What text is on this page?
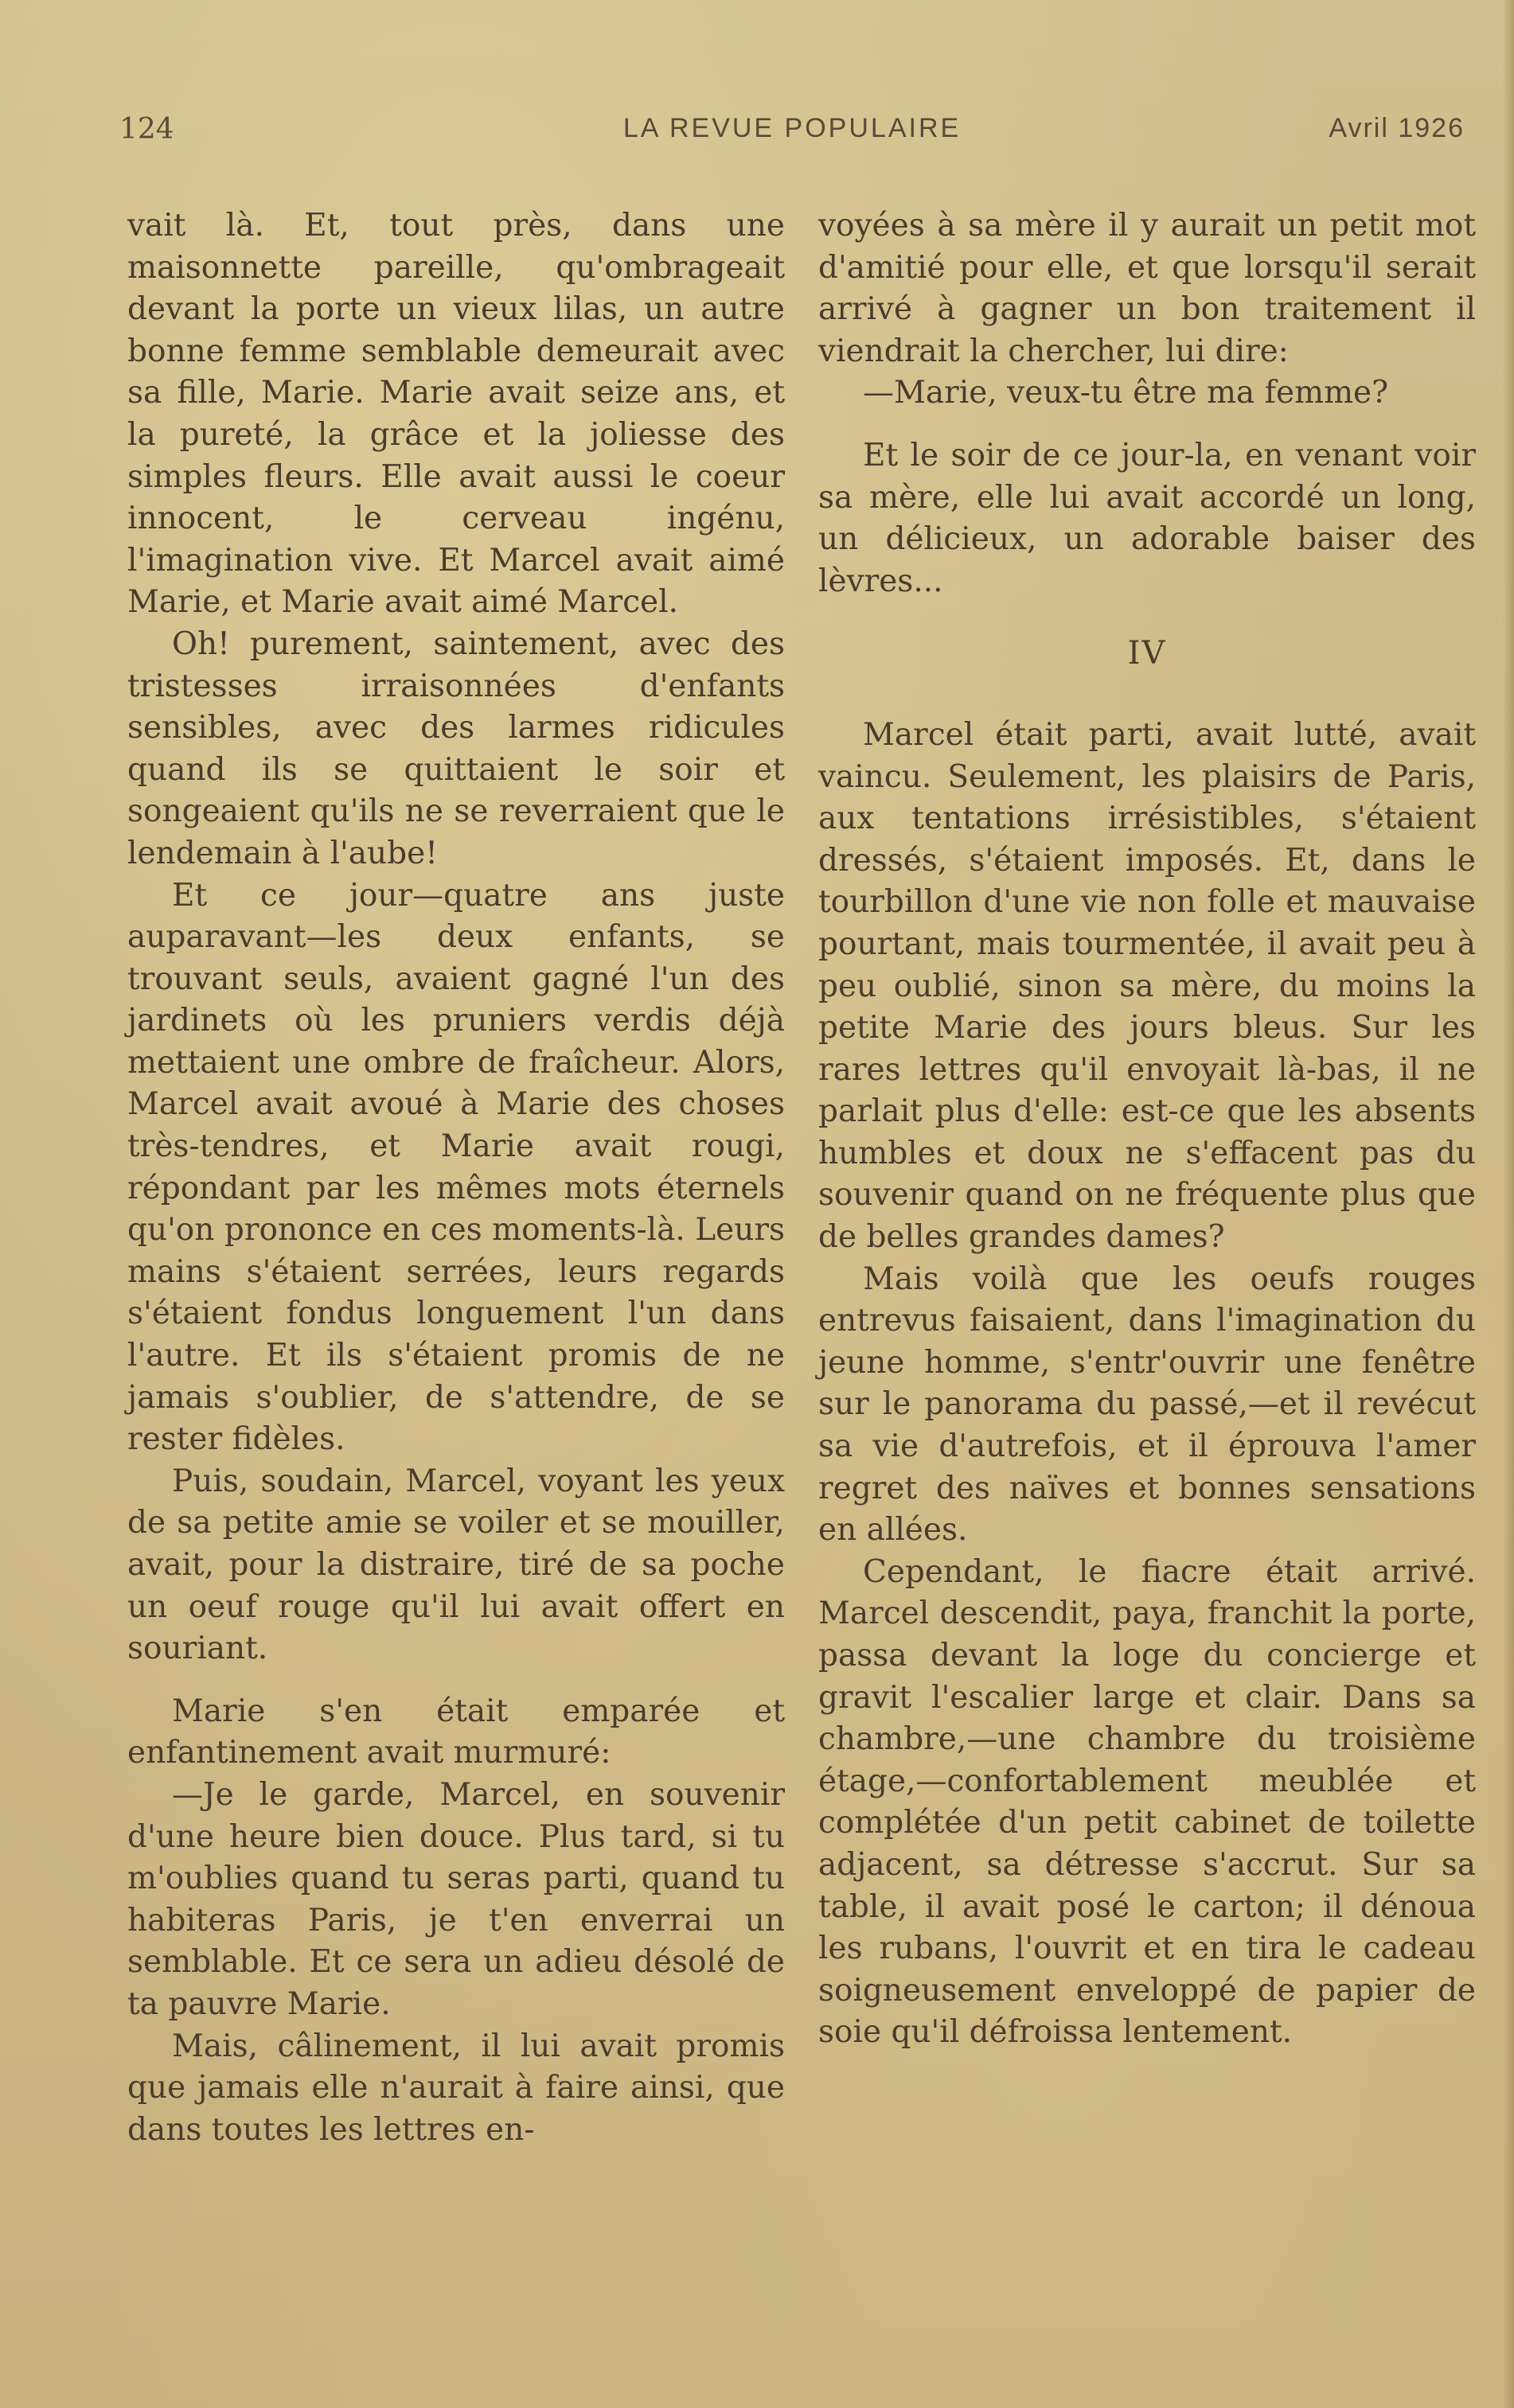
124	LA REVUE POPULAIRE	Avril 1926

vait là. Et, tout près, dans une maisonnette pareille, qu'ombrageait devant la porte un vieux lilas, un autre bonne femme semblable demeurait avec sa fille, Marie. Marie avait seize ans, et la pureté, la grâce et la joliesse des simples fleurs. Elle avait aussi le coeur innocent, le cerveau ingénu, l'imagination vive. Et Marcel avait aimé Marie, et Marie avait aimé Marcel.

Oh! purement, saintement, avec des tristesses irraisonnées d'enfants sensibles, avec des larmes ridicules quand ils se quittaient le soir et songeaient qu'ils ne se reverraient que le lendemain à l'aube!

Et ce jour—quatre ans juste auparavant—les deux enfants, se trouvant seuls, avaient gagné l'un des jardinets où les pruniers verdis déjà mettaient une ombre de fraîcheur. Alors, Marcel avait avoué à Marie des choses très-tendres, et Marie avait rougi, répondant par les mêmes mots éternels qu'on prononce en ces moments-là. Leurs mains s'étaient serrées, leurs regards s'étaient fondus longuement l'un dans l'autre. Et ils s'étaient promis de ne jamais s'oublier, de s'attendre, de se rester fidèles.

Puis, soudain, Marcel, voyant les yeux de sa petite amie se voiler et se mouiller, avait, pour la distraire, tiré de sa poche un oeuf rouge qu'il lui avait offert en souriant.

Marie s'en était emparée et enfantinement avait murmuré:

—Je le garde, Marcel, en souvenir d'une heure bien douce. Plus tard, si tu m'oublies quand tu seras parti, quand tu habiteras Paris, je t'en enverrai un semblable. Et ce sera un adieu désolé de ta pauvre Marie.

Mais, câlinement, il lui avait promis que jamais elle n'aurait à faire ainsi, que dans toutes les lettres en-

voyées à sa mère il y aurait un petit mot d'amitié pour elle, et que lorsqu'il serait arrivé à gagner un bon traitement il viendrait la chercher, lui dire:

—Marie, veux-tu être ma femme?

Et le soir de ce jour-la, en venant voir sa mère, elle lui avait accordé un long, un délicieux, un adorable baiser des lèvres...

IV

Marcel était parti, avait lutté, avait vaincu. Seulement, les plaisirs de Paris, aux tentations irrésistibles, s'étaient dressés, s'étaient imposés. Et, dans le tourbillon d'une vie non folle et mauvaise pourtant, mais tourmentée, il avait peu à peu oublié, sinon sa mère, du moins la petite Marie des jours bleus. Sur les rares lettres qu'il envoyait là-bas, il ne parlait plus d'elle: est-ce que les absents humbles et doux ne s'effacent pas du souvenir quand on ne fréquente plus que de belles grandes dames?

Mais voilà que les oeufs rouges entrevus faisaient, dans l'imagination du jeune homme, s'entr'ouvrir une fenêtre sur le panorama du passé,—et il revécut sa vie d'autrefois, et il éprouva l'amer regret des naïves et bonnes sensations en allées.

Cependant, le fiacre était arrivé. Marcel descendit, paya, franchit la porte, passa devant la loge du concierge et gravit l'escalier large et clair. Dans sa chambre,—une chambre du troisième étage,—confortablement meublée et complétée d'un petit cabinet de toilette adjacent, sa détresse s'accrut. Sur sa table, il avait posé le carton; il dénoua les rubans, l'ouvrit et en tira le cadeau soigneusement enveloppé de papier de soie qu'il défroissa lentement.
